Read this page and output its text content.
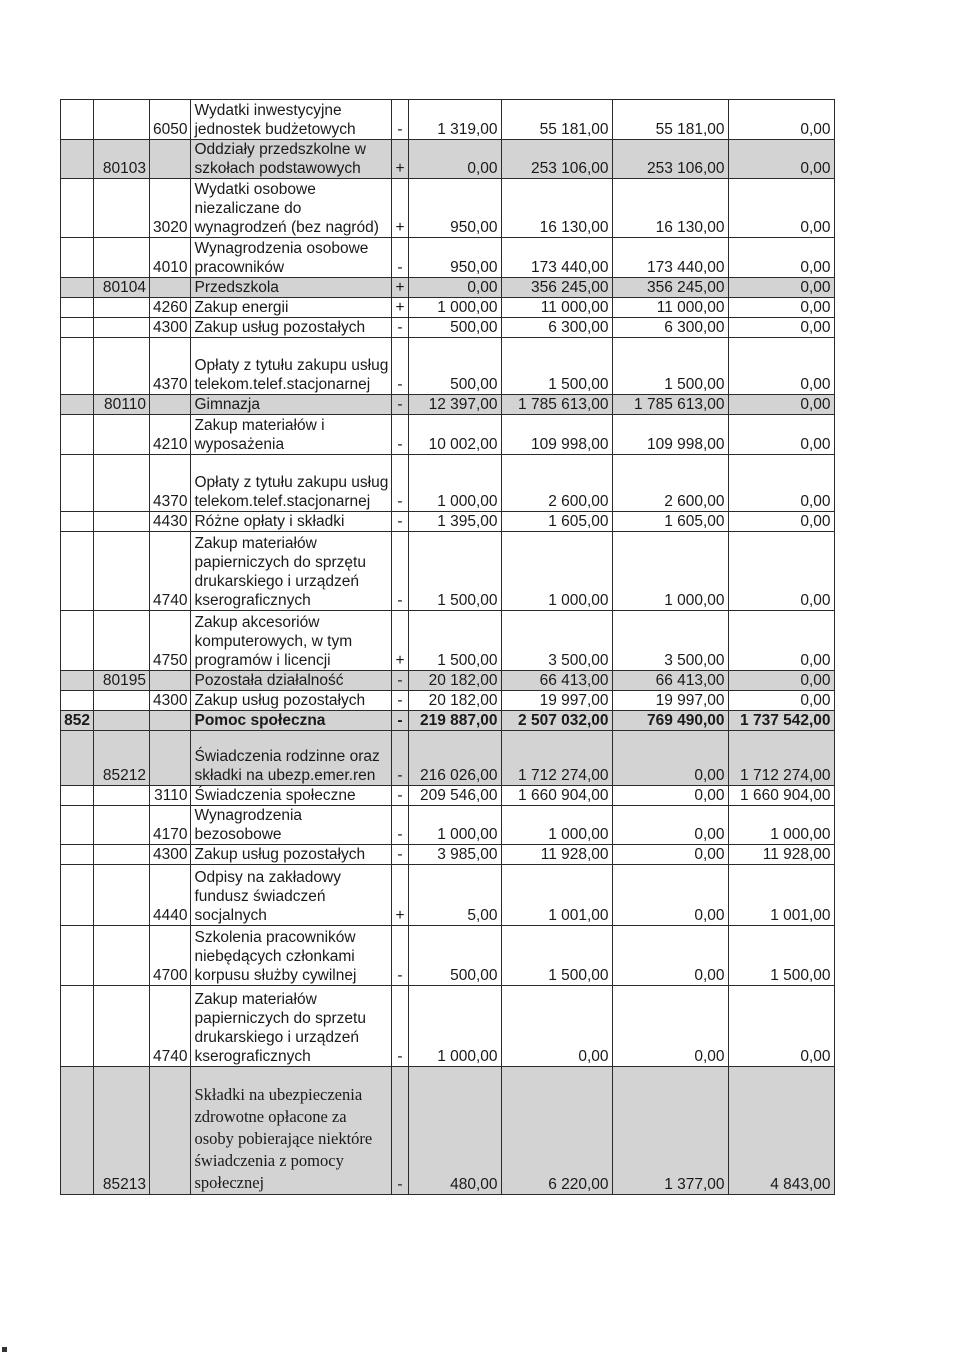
		6050	Wydatki inwestycyjne jednostek budżetowych	-	1 319,00	55 181,00	55 181,00	0,00
	80103		Oddziały przedszkolne w szkołach podstawowych	+	0,00	253 106,00	253 106,00	0,00
		3020	Wydatki osobowe niezaliczane do wynagrodzeń (bez nagród)	+	950,00	16 130,00	16 130,00	0,00
		4010	Wynagrodzenia osobowe pracowników	-	950,00	173 440,00	173 440,00	0,00
	80104		Przedszkola	+	0,00	356 245,00	356 245,00	0,00
		4260	Zakup energii	+	1 000,00	11 000,00	11 000,00	0,00
		4300	Zakup usług pozostałych	-	500,00	6 300,00	6 300,00	0,00
		4370	Opłaty z tytułu zakupu usług telekom.telef.stacjonarnej	-	500,00	1 500,00	1 500,00	0,00
	80110		Gimnazja	-	12 397,00	1 785 613,00	1 785 613,00	0,00
		4210	Zakup materiałów i wyposażenia	-	10 002,00	109 998,00	109 998,00	0,00
		4370	Opłaty z tytułu zakupu usług telekom.telef.stacjonarnej	-	1 000,00	2 600,00	2 600,00	0,00
		4430	Różne opłaty i składki	-	1 395,00	1 605,00	1 605,00	0,00
		4740	Zakup materiałów papierniczych do sprzętu drukarskiego i urządzeń kserograficznych	-	1 500,00	1 000,00	1 000,00	0,00
		4750	Zakup akcesoriów komputerowych, w tym programów i licencji	+	1 500,00	3 500,00	3 500,00	0,00
	80195		Pozostała działalność	-	20 182,00	66 413,00	66 413,00	0,00
		4300	Zakup usług pozostałych	-	20 182,00	19 997,00	19 997,00	0,00
852			Pomoc społeczna	-	219 887,00	2 507 032,00	769 490,00	1 737 542,00
	85212		Świadczenia rodzinne oraz składki na ubezp.emer.ren	-	216 026,00	1 712 274,00	0,00	1 712 274,00
		3110	Świadczenia społeczne	-	209 546,00	1 660 904,00	0,00	1 660 904,00
		4170	Wynagrodzenia bezosobowe	-	1 000,00	1 000,00	0,00	1 000,00
		4300	Zakup usług pozostałych	-	3 985,00	11 928,00	0,00	11 928,00
		4440	Odpisy na zakładowy fundusz świadczeń socjalnych	+	5,00	1 001,00	0,00	1 001,00
		4700	Szkolenia pracowników niebędących członkami korpusu służby cywilnej	-	500,00	1 500,00	0,00	1 500,00
		4740	Zakup materiałów papierniczych do sprzetu drukarskiego i urządzeń kserograficznych	-	1 000,00	0,00	0,00	0,00
	85213		Składki na ubezpieczenia zdrowotne opłacone za osoby pobierające niektóre świadczenia z pomocy społecznej	-	480,00	6 220,00	1 377,00	4 843,00
